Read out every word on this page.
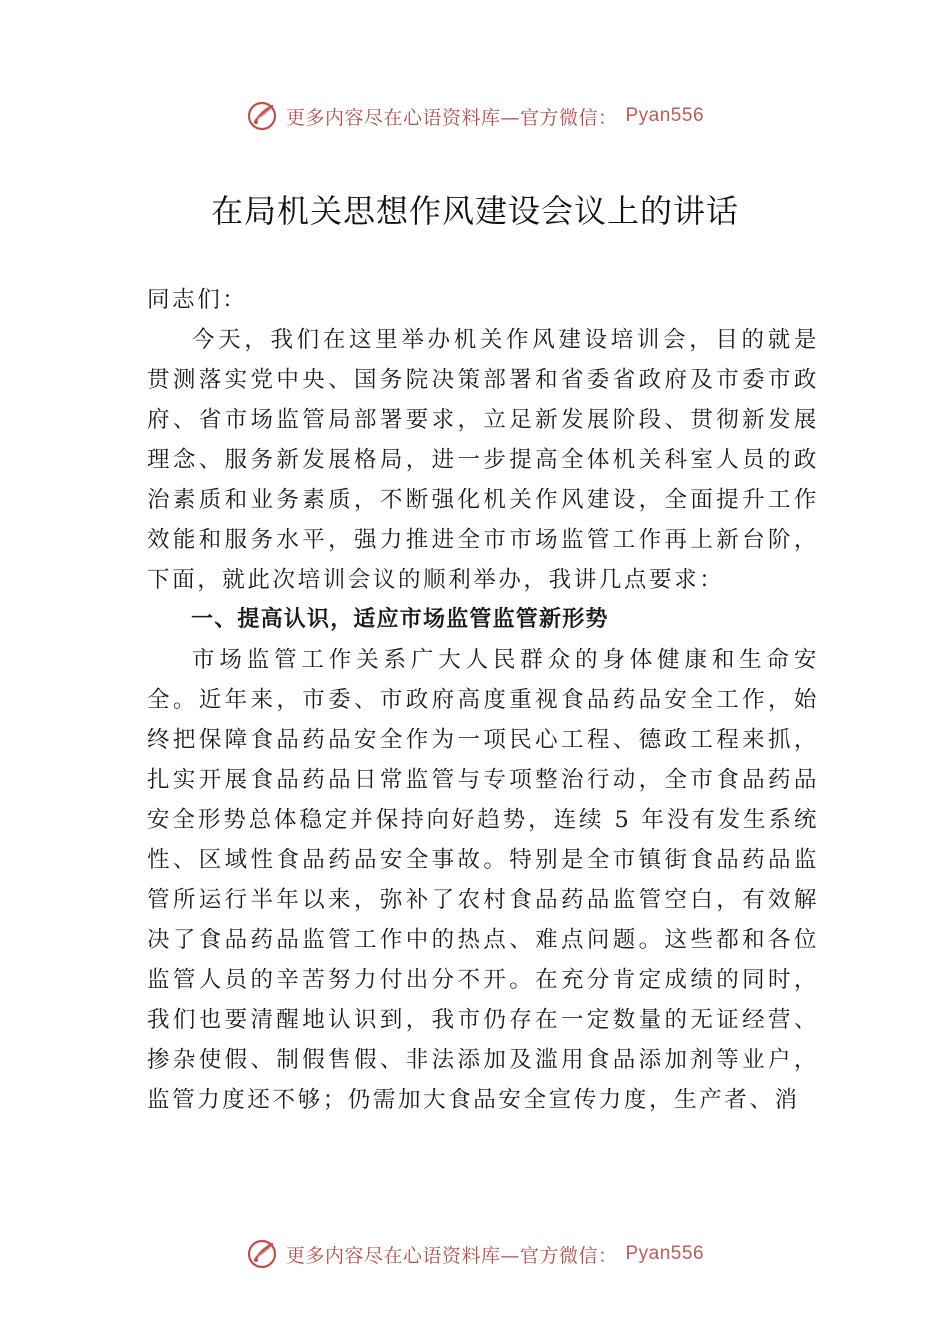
更多内容尽在心语资料库—官方微信： Pyan556
在局机关思想作风建设会议上的讲话

同志们：

今天，我们在这里举办机关作风建设培训会，目的就是贯测落实党中央、国务院决策部署和省委省政府及市委市政府、省市场监管局部署要求，立足新发展阶段、贯彻新发展理念、服务新发展格局，进一步提高全体机关科室人员的政治素质和业务素质，不断强化机关作风建设，全面提升工作效能和服务水平，强力推进全市市场监管工作再上新台阶， 下面，就此次培训会议的顺利举办，我讲几点要求：

一、提高认识，适应市场监管监管新形势

市场监管工作关系广大人民群众的身体健康和生命安全。近年来，市委、市政府高度重视食品药品安全工作，始终把保障食品药品安全作为一项民心工程、德政工程来抓， 扎实开展食品药品日常监管与专项整治行动，全市食品药品安全形势总体稳定并保持向好趋势，连续 5 年没有发生系统性、区域性食品药品安全事故。特别是全市镇街食品药品监管所运行半年以来，弥补了农村食品药品监管空白，有效解决了食品药品监管工作中的热点、难点问题。这些都和各位监管人员的辛苦努力付出分不开。在充分肯定成绩的同时， 我们也要清醒地认识到，我市仍存在一定数量的无证经营、 掺杂使假、制假售假、非法添加及滥用食品添加剂等业户， 监管力度还不够；仍需加大食品安全宣传力度，生产者、消

更多内容尽在心语资料库—官方微信： Pyan556
